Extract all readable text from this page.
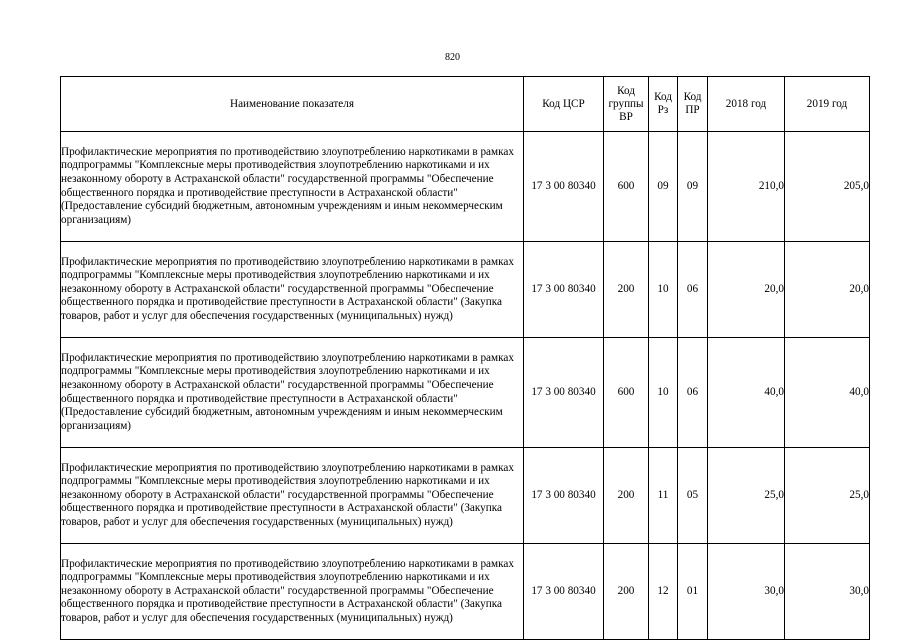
820
Наименование показателя	Код ЦСР	Код группы ВР	Код Рз	Код ПР	2018 год	2019 год
Профилактические мероприятия по противодействию злоупотреблению наркотиками в рамках подпрограммы "Комплексные меры противодействия злоупотреблению наркотиками и их незаконному обороту в Астраханской области" государственной программы "Обеспечение общественного порядка и противодействие преступности в Астраханской области" (Предоставление субсидий бюджетным, автономным учреждениям и иным некоммерческим организациям)	17 3 00 80340	600	09	09	210,0	205,0
Профилактические мероприятия по противодействию злоупотреблению наркотиками в рамках подпрограммы "Комплексные меры противодействия злоупотреблению наркотиками и их незаконному обороту в Астраханской области" государственной программы "Обеспечение общественного порядка и противодействие преступности в Астраханской области" (Закупка товаров, работ и услуг для обеспечения государственных (муниципальных) нужд)	17 3 00 80340	200	10	06	20,0	20,0
Профилактические мероприятия по противодействию злоупотреблению наркотиками в рамках подпрограммы "Комплексные меры противодействия злоупотреблению наркотиками и их незаконному обороту в Астраханской области" государственной программы "Обеспечение общественного порядка и противодействие преступности в Астраханской области" (Предоставление субсидий бюджетным, автономным учреждениям и иным некоммерческим организациям)	17 3 00 80340	600	10	06	40,0	40,0
Профилактические мероприятия по противодействию злоупотреблению наркотиками в рамках подпрограммы "Комплексные меры противодействия злоупотреблению наркотиками и их незаконному обороту в Астраханской области" государственной программы "Обеспечение общественного порядка и противодействие преступности в Астраханской области" (Закупка товаров, работ и услуг для обеспечения государственных (муниципальных) нужд)	17 3 00 80340	200	11	05	25,0	25,0
Профилактические мероприятия по противодействию злоупотреблению наркотиками в рамках подпрограммы "Комплексные меры противодействия злоупотреблению наркотиками и их незаконному обороту в Астраханской области" государственной программы "Обеспечение общественного порядка и противодействие преступности в Астраханской области" (Закупка товаров, работ и услуг для обеспечения государственных (муниципальных) нужд)	17 3 00 80340	200	12	01	30,0	30,0
